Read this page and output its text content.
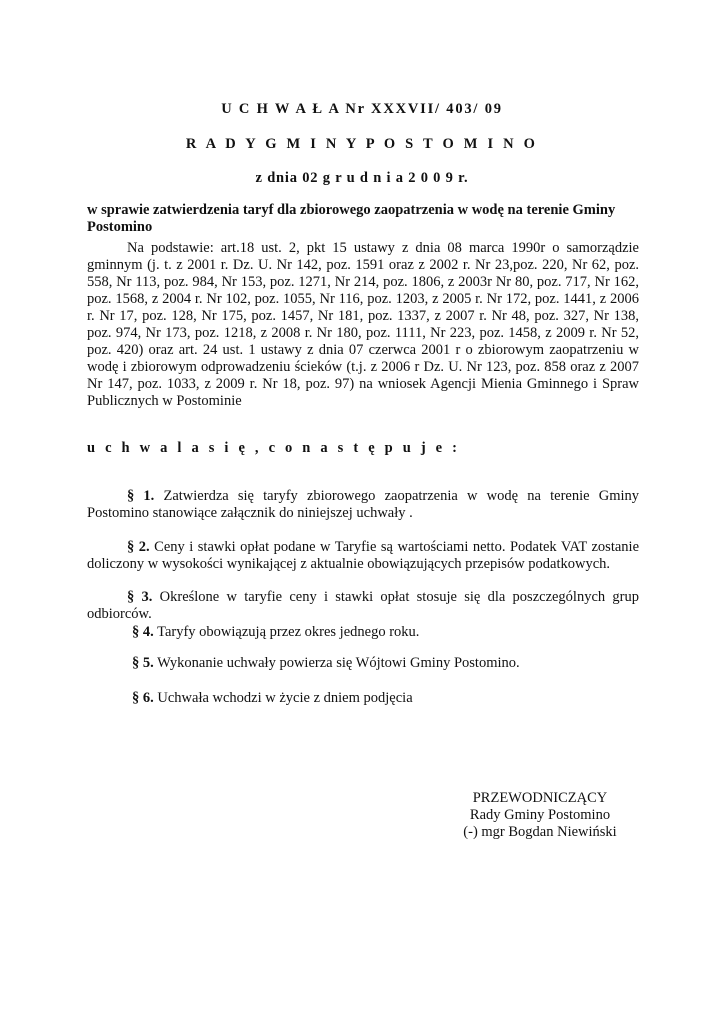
U C H W A Ł A Nr XXXVII/ 403/ 09
R A D Y G M I N Y P O S T O M I N O
z dnia 02 g r u d n i a 2 0 0 9 r.
w sprawie zatwierdzenia taryf dla zbiorowego zaopatrzenia w wodę na terenie Gminy Postomino
Na podstawie: art.18 ust. 2, pkt 15 ustawy z dnia 08 marca 1990r o samorządzie gminnym (j. t. z 2001 r. Dz. U. Nr 142, poz. 1591 oraz z 2002 r. Nr 23,poz. 220, Nr 62, poz. 558, Nr 113, poz. 984, Nr 153, poz. 1271, Nr 214, poz. 1806, z 2003r Nr 80, poz. 717, Nr 162, poz. 1568, z 2004 r. Nr 102, poz. 1055, Nr 116, poz. 1203, z 2005 r. Nr 172, poz. 1441, z 2006 r. Nr 17, poz. 128, Nr 175, poz. 1457, Nr 181, poz. 1337, z 2007 r. Nr 48, poz. 327, Nr 138, poz. 974, Nr 173, poz. 1218, z 2008 r. Nr 180, poz. 1111, Nr 223, poz. 1458, z 2009 r. Nr 52, poz. 420) oraz art. 24 ust. 1 ustawy z dnia 07 czerwca 2001 r o zbiorowym zaopatrzeniu w wodę i zbiorowym odprowadzeniu ścieków (t.j. z 2006 r Dz. U. Nr 123, poz. 858 oraz z 2007 Nr 147, poz. 1033, z 2009 r. Nr 18, poz. 97) na wniosek Agencji Mienia Gminnego i Spraw Publicznych w Postominie
u c h w a l a s i ę , c o n a s t ę p u j e :
§ 1. Zatwierdza się taryfy zbiorowego zaopatrzenia w wodę na terenie Gminy Postomino stanowiące załącznik do niniejszej uchwały .
§ 2. Ceny i stawki opłat podane w Taryfie są wartościami netto. Podatek VAT zostanie doliczony w wysokości wynikającej z aktualnie obowiązujących przepisów podatkowych.
§ 3. Określone w taryfie ceny i stawki opłat stosuje się dla poszczególnych grup odbiorców.
§ 4. Taryfy obowiązują przez okres jednego roku.
§ 5. Wykonanie uchwały powierza się Wójtowi Gminy Postomino.
§ 6. Uchwała wchodzi w życie z dniem podjęcia
PRZEWODNICZĄCY
Rady Gminy Postomino
(-) mgr Bogdan Niewiński
